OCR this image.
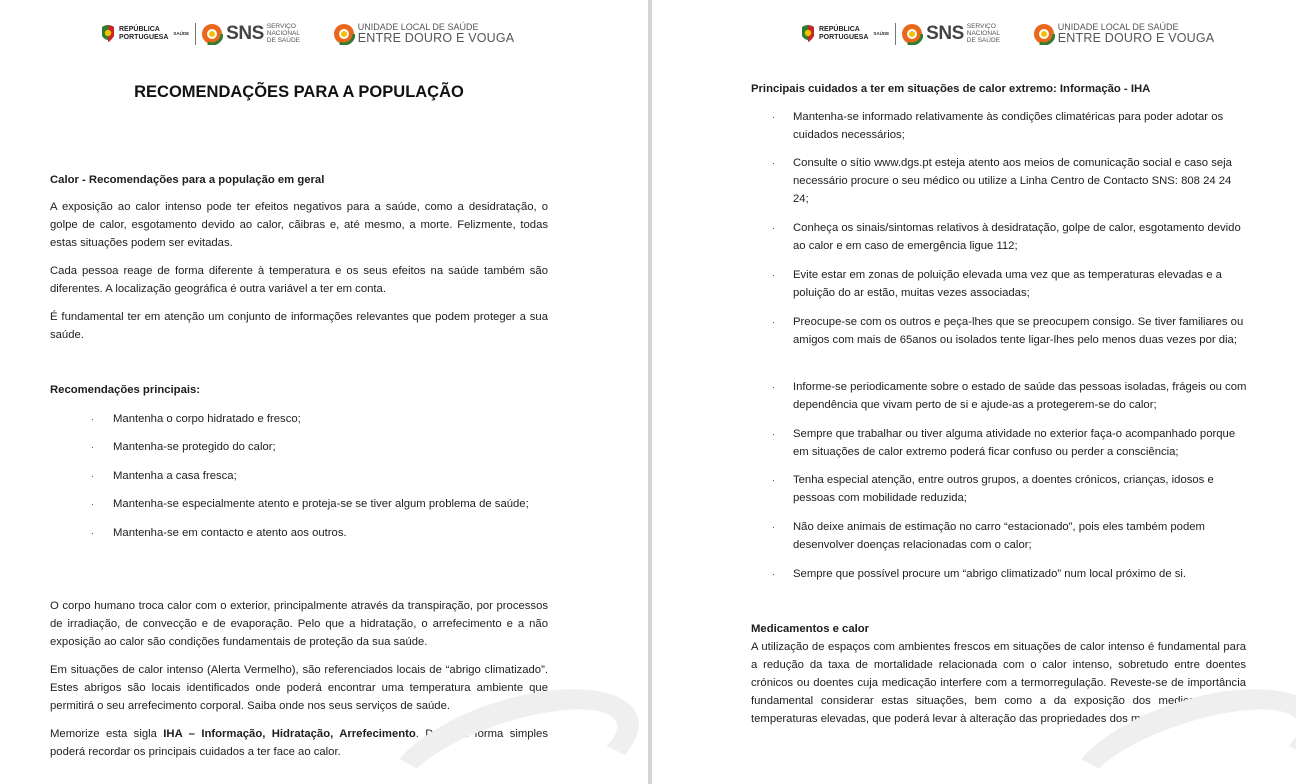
REPÚBLICA
PORTUGUESA SAÚDE SNS SERVIÇO NACIONAL
DE SAÚDE
UNIDADE LOCAL DE SAÚDE
ENTRE DOURO E VOUGA
RECOMENDAÇÕES PARA A POPULAÇÃO
Calor - Recomendações para a população em geral
A exposição ao calor intenso pode ter efeitos negativos para a saúde, como a desidratação, o golpe de calor, esgotamento devido ao calor, cãibras e, até mesmo, a morte. Felizmente, todas estas situações podem ser evitadas.
Cada pessoa reage de forma diferente à temperatura e os seus efeitos na saúde também são diferentes. A localização geográfica é outra variável a ter em conta.
É fundamental ter em atenção um conjunto de informações relevantes que podem proteger a sua saúde.
Recomendações principais:
·	Mantenha o corpo hidratado e fresco;
·	Mantenha-se protegido do calor;
·	Mantenha a casa fresca;
·	Mantenha-se especialmente atento e proteja-se se tiver algum problema de saúde;
·	Mantenha-se em contacto e atento aos outros.
O corpo humano troca calor com o exterior, principalmente através da transpiração, por processos de irradiação, de convecção e de evaporação. Pelo que a hidratação, o arrefecimento e a não exposição ao calor são condições fundamentais de proteção da sua saúde.
Em situações de calor intenso (Alerta Vermelho), são referenciados locais de “abrigo climatizado”. Estes abrigos são locais identificados onde poderá encontrar uma temperatura ambiente que permitirá o seu arrefecimento corporal. Saiba onde nos seus serviços de saúde.
Memorize esta sigla IHA – Informação, Hidratação, Arrefecimento. De uma forma simples poderá recordar os principais cuidados a ter face ao calor.
REPÚBLICA
PORTUGUESA SAÚDE SNS SERVIÇO NACIONAL
DE SAÚDE
UNIDADE LOCAL DE SAÚDE
ENTRE DOURO E VOUGA
Principais cuidados a ter em situações de calor extremo: Informação - IHA
·	Mantenha-se informado relativamente às condições climatéricas para poder adotar os cuidados necessários;
·	Consulte o sítio www.dgs.pt esteja atento aos meios de comunicação social e caso seja necessário procure o seu médico ou utilize a Linha Centro de Contacto SNS: 808 24 24 24;
·	Conheça os sinais/sintomas relativos à desidratação, golpe de calor, esgotamento devido ao calor e em caso de emergência ligue 112;
·	Evite estar em zonas de poluição elevada uma vez que as temperaturas elevadas e a poluição do ar estão, muitas vezes associadas;
·	Preocupe-se com os outros e peça-lhes que se preocupem consigo. Se tiver familiares ou amigos com mais de 65anos ou isolados tente ligar-lhes pelo menos duas vezes por dia;
·	Informe-se periodicamente sobre o estado de saúde das pessoas isoladas, frágeis ou com dependência que vivam perto de si e ajude-as a protegerem-se do calor;
·	Sempre que trabalhar ou tiver alguma atividade no exterior faça-o acompanhado porque em situações de calor extremo poderá ficar confuso ou perder a consciência;
·	Tenha especial atenção, entre outros grupos, a doentes crónicos, crianças, idosos e pessoas com mobilidade reduzida;
·	Não deixe animais de estimação no carro “estacionado”, pois eles também podem desenvolver doenças relacionadas com o calor;
·	Sempre que possível procure um “abrigo climatizado” num local próximo de si.
Medicamentos e calor
A utilização de espaços com ambientes frescos em situações de calor intenso é fundamental para a redução da taxa de mortalidade relacionada com o calor intenso, sobretudo entre doentes crónicos ou doentes cuja medicação interfere com a termorregulação. Reveste-se de importância fundamental considerar estas situações, bem como a da exposição dos medicamentos a temperaturas elevadas, que poderá levar à alteração das propriedades dos mesmos.
